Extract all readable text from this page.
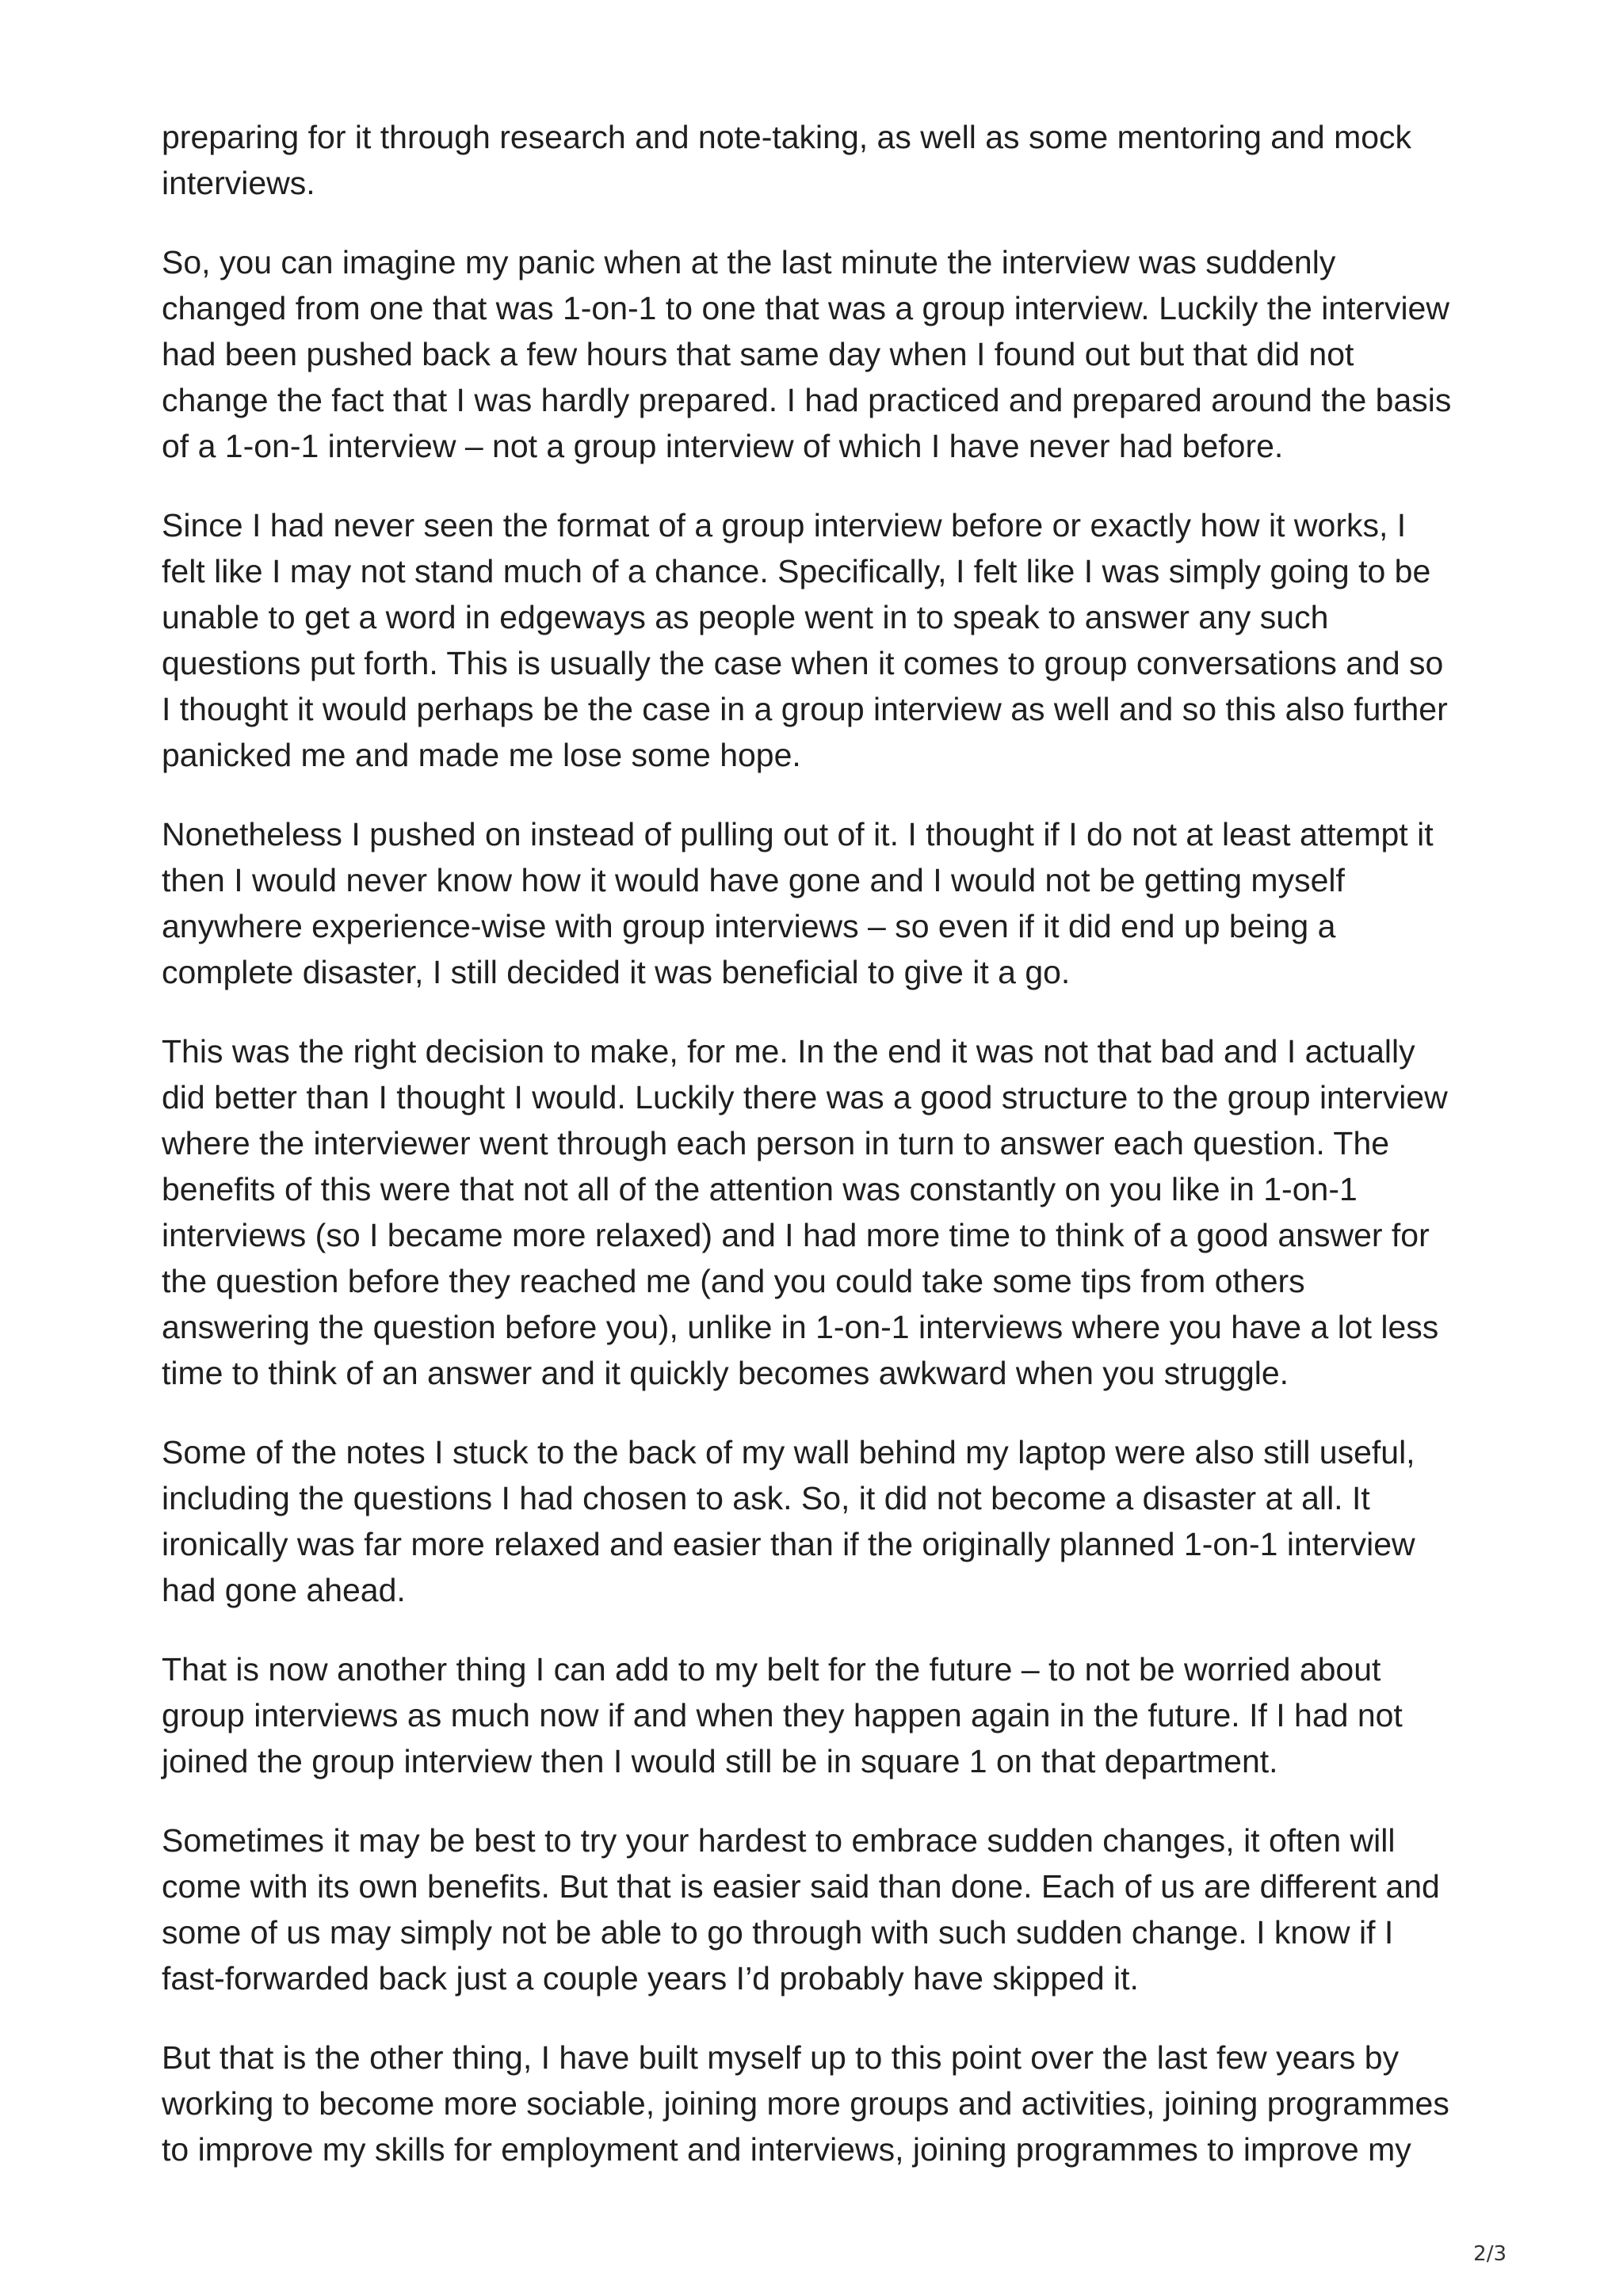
preparing for it through research and note-taking, as well as some mentoring and mock
interviews.

So, you can imagine my panic when at the last minute the interview was suddenly
changed from one that was 1-on-1 to one that was a group interview. Luckily the interview
had been pushed back a few hours that same day when I found out but that did not
change the fact that I was hardly prepared. I had practiced and prepared around the basis
of a 1-on-1 interview – not a group interview of which I have never had before.

Since I had never seen the format of a group interview before or exactly how it works, I
felt like I may not stand much of a chance. Specifically, I felt like I was simply going to be
unable to get a word in edgeways as people went in to speak to answer any such
questions put forth. This is usually the case when it comes to group conversations and so
I thought it would perhaps be the case in a group interview as well and so this also further
panicked me and made me lose some hope.

Nonetheless I pushed on instead of pulling out of it. I thought if I do not at least attempt it
then I would never know how it would have gone and I would not be getting myself
anywhere experience-wise with group interviews – so even if it did end up being a
complete disaster, I still decided it was beneficial to give it a go.

This was the right decision to make, for me. In the end it was not that bad and I actually
did better than I thought I would. Luckily there was a good structure to the group interview
where the interviewer went through each person in turn to answer each question. The
benefits of this were that not all of the attention was constantly on you like in 1-on-1
interviews (so I became more relaxed) and I had more time to think of a good answer for
the question before they reached me (and you could take some tips from others
answering the question before you), unlike in 1-on-1 interviews where you have a lot less
time to think of an answer and it quickly becomes awkward when you struggle.

Some of the notes I stuck to the back of my wall behind my laptop were also still useful,
including the questions I had chosen to ask. So, it did not become a disaster at all. It
ironically was far more relaxed and easier than if the originally planned 1-on-1 interview
had gone ahead.

That is now another thing I can add to my belt for the future – to not be worried about
group interviews as much now if and when they happen again in the future. If I had not
joined the group interview then I would still be in square 1 on that department.

Sometimes it may be best to try your hardest to embrace sudden changes, it often will
come with its own benefits. But that is easier said than done. Each of us are different and
some of us may simply not be able to go through with such sudden change. I know if I
fast-forwarded back just a couple years I’d probably have skipped it.

But that is the other thing, I have built myself up to this point over the last few years by
working to become more sociable, joining more groups and activities, joining programmes
to improve my skills for employment and interviews, joining programmes to improve my

2/3
